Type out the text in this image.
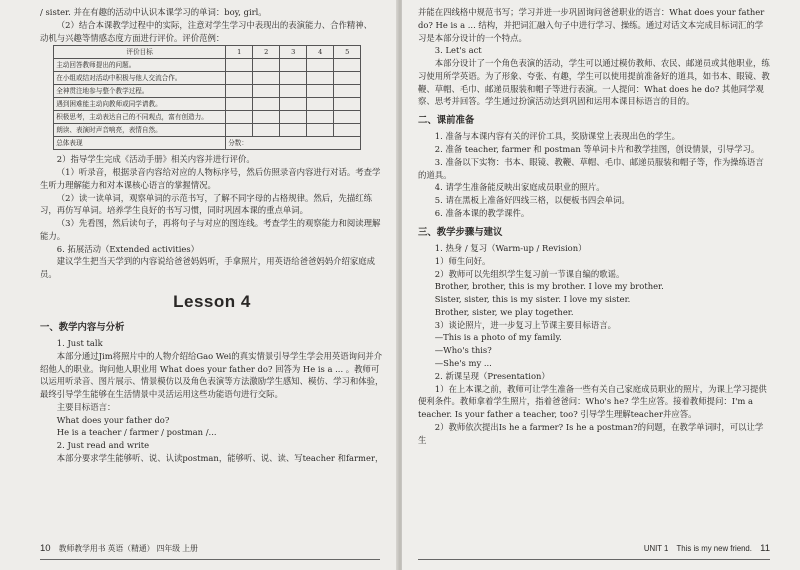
/ sister. 并在有趣的活动中认识本课学习的单词：boy, girl。

（2）结合本课教学过程中的实际，注意对学生学习中表现出的表演能力、合作精神、

动机与兴趣等情感态度方面进行评价。评价范例：

评价目标	1	2	3	4	5
主动回答教师提出的问题。					
在小组或结对活动中积极与他人交流合作。					
全神贯注地参与整个教学过程。					
遇到困难能主动向教师或同学请教。					
积极思考，主动表达自己的不同观点，富有创造力。					
朗读、表演时声音响亮，表情自然。					
总体表现	分数：				

2）指导学生完成《活动手册》相关内容并进行评价。

（1）听录音，根据录音内容给对应的人物标序号，然后仿照录音内容进行对话。考查学生听力理解能力和对本课核心语言的掌握情况。

（2）读一读单词，观察单词的示范书写，了解不同字母的占格规律。然后，先描红练习，再仿写单词。培养学生良好的书写习惯，同时巩固本课的重点单词。

（3）先看图，然后读句子，再将句子与对应的图连线。考查学生的观察能力和阅读理解能力。

6. 拓展活动（Extended activities）

建议学生把当天学到的内容说给爸爸妈妈听，手拿照片，用英语给爸爸妈妈介绍家庭成员。

Lesson 4

一、教学内容与分析

1. Just talk

本部分通过Jim将照片中的人物介绍给Gao Wei的真实情景引导学生学会用英语询问并介绍他人的职业。询问他人职业用 What does your father do? 回答为 He is a ... 。教师可以运用听录音、图片展示、情景模仿以及角色表演等方法激励学生感知、模仿、学习和体验，最终引导学生能够在生活情景中灵活运用这些功能语句进行交际。

主要目标语言：

What does your father do?

He is a teacher / farmer / postman /...

2. Just read and write

本部分要求学生能够听、说、认读postman，能够听、说、读、写teacher 和farmer，

10 教师教学用书 英语（精通） 四年级 上册

并能在四线格中规范书写；学习并进一步巩固询问爸爸职业的语言：What does your father do? He is a ... 结构，并把词汇融入句子中进行学习、操练。通过对话文本完成目标词汇的学习是本部分设计的一个特点。

3. Let's act

本部分设计了一个角色表演的活动，学生可以通过模仿教师、农民、邮递员或其他职业，练习使用所学英语。为了形象、夸张、有趣，学生可以使用提前准备好的道具，如书本、眼镜、教鞭、草帽、毛巾、邮递员服装和帽子等进行表演。一人提问：What does he do? 其他同学观察、思考并回答。学生通过扮演活动达到巩固和运用本课目标语言的目的。

二、课前准备

1. 准备与本课内容有关的评价工具，奖励课堂上表现出色的学生。

2. 准备 teacher, farmer 和 postman 等单词卡片和教学挂图，创设情景，引导学习。

3. 准备以下实物：书本、眼镜、教鞭、草帽、毛巾、邮递员服装和帽子等，作为操练语言的道具。

4. 请学生准备能反映出家庭成员职业的照片。

5. 请在黑板上准备好四线三格，以便板书四会单词。

6. 准备本课的教学课件。

三、教学步骤与建议

1. 热身 / 复习（Warm-up / Revision）

1）师生问好。

2）教师可以先组织学生复习前一节课自编的歌谣。

Brother, brother, this is my brother. I love my brother.

Sister, sister, this is my sister. I love my sister.

Brother, sister, we play together.

3）谈论照片，进一步复习上节课主要目标语言。

—This is a photo of my family.

—Who's this?

—She's my ...

2. 新课呈现（Presentation）

1）在上本课之前，教师可让学生准备一些有关自己家庭成员职业的照片，为课上学习提供便利条件。教师拿着学生照片，指着爸爸问：Who's he? 学生应答。接着教师提问：I'm a teacher. Is your father a teacher, too? 引导学生理解teacher并应答。

2）教师依次提出Is he a farmer? Is he a postman?的问题，在教学单词时，可以让学生

UNIT 1 This is my new friend. 11
